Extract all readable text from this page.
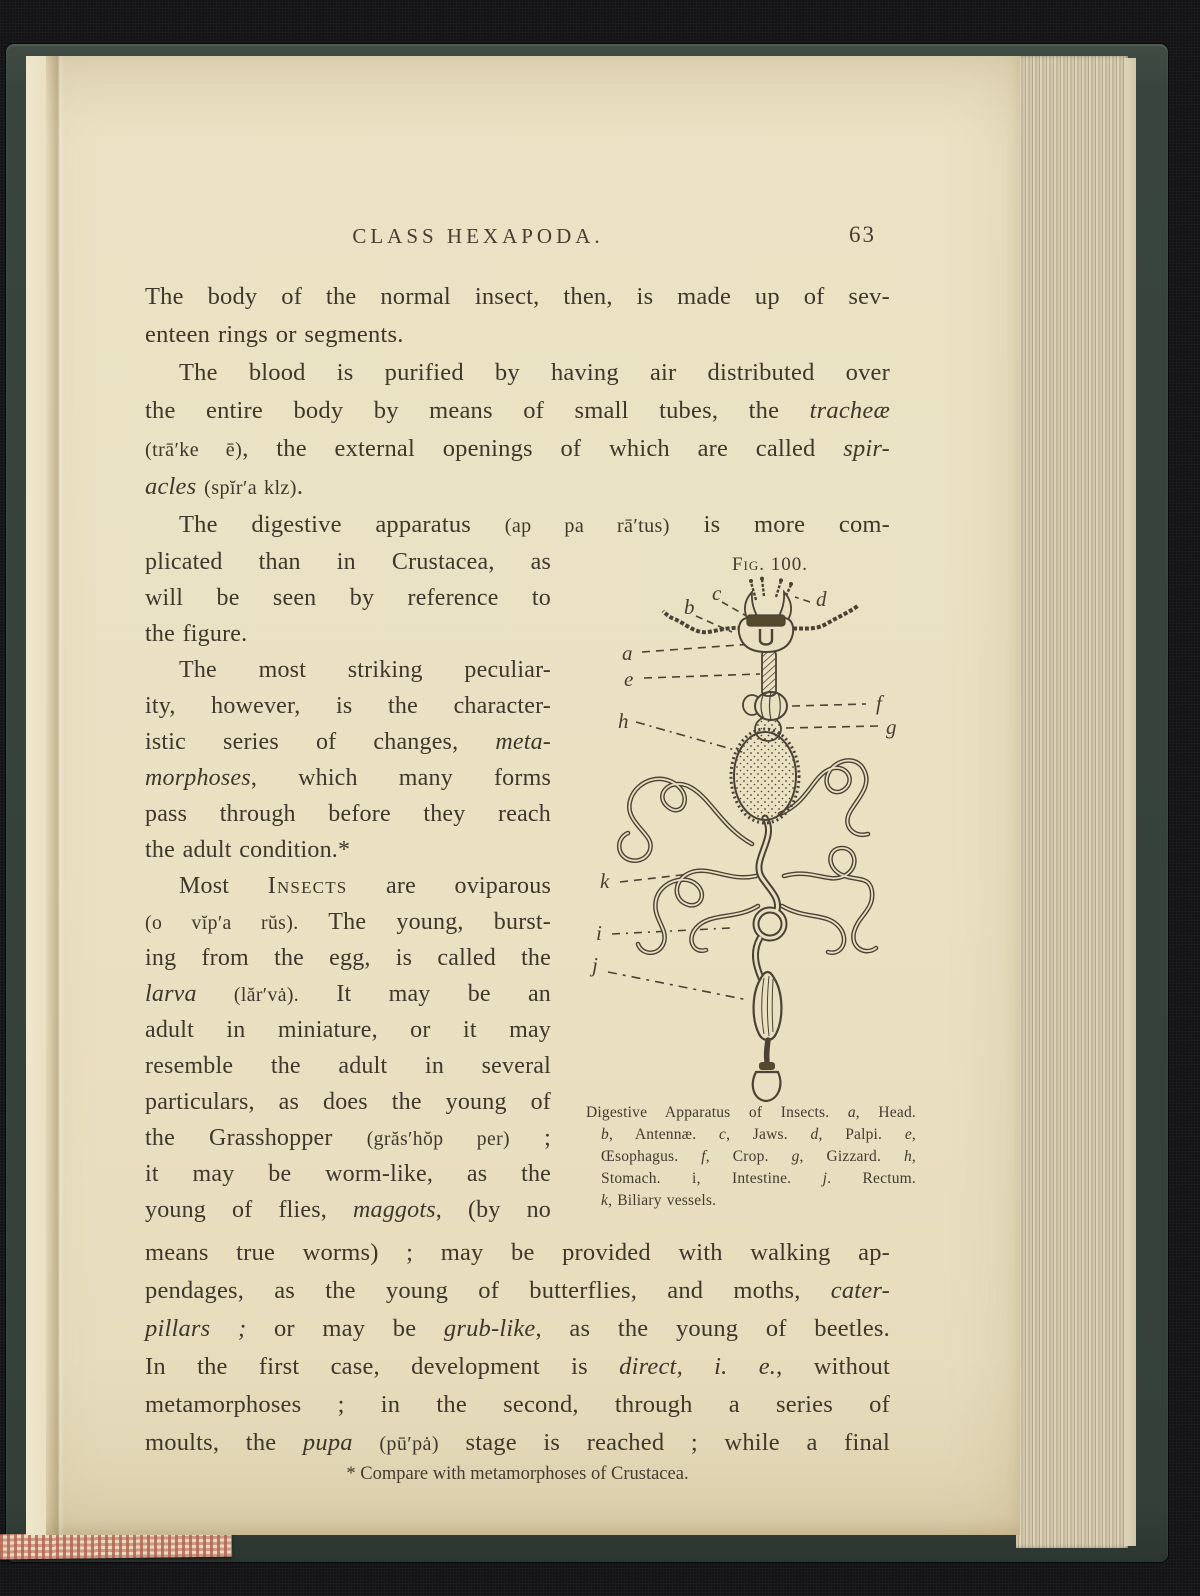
CLASS HEXAPODA.	63
The body of the normal insect, then, is made up of sev-
enteen rings or segments.
The blood is purified by having air distributed over
the entire body by means of small tubes, the tracheæ
(trā′ke ē), the external openings of which are called spir-
acles (spĭr′a klz).
The digestive apparatus (ap pa rā′tus) is more com-
plicated than in Crustacea, as
will be seen by reference to
the figure.
The most striking peculiar-
ity, however, is the character-
istic series of changes, meta-
morphoses, which many forms
pass through before they reach
the adult condition.*
Most Insects are oviparous
(o vĭp′a rŭs). The young, burst-
ing from the egg, is called the
larva (lăr′vȧ). It may be an
adult in miniature, or it may
resemble the adult in several
particulars, as does the young of
the Grasshopper (grăs′hŏp per) ;
it may be worm-like, as the
young of flies, maggots, (by no
means true worms) ; may be provided with walking ap-
pendages, as the young of butterflies, and moths, cater-
pillars ; or may be grub-like, as the young of beetles.
In the first case, development is direct, i. e., without
metamorphoses ; in the second, through a series of
moults, the pupa (pū′pȧ) stage is reached ; while a final
* Compare with metamorphoses of Crustacea.
Fig. 100.
a
b
c	d
e
f
g
h
i
j
k
Digestive Apparatus of Insects. a, Head.
b, Antennæ. c, Jaws. d, Palpi. e,
Œsophagus. f, Crop. g, Gizzard. h,
Stomach. i, Intestine. j. Rectum.
k, Biliary vessels.
